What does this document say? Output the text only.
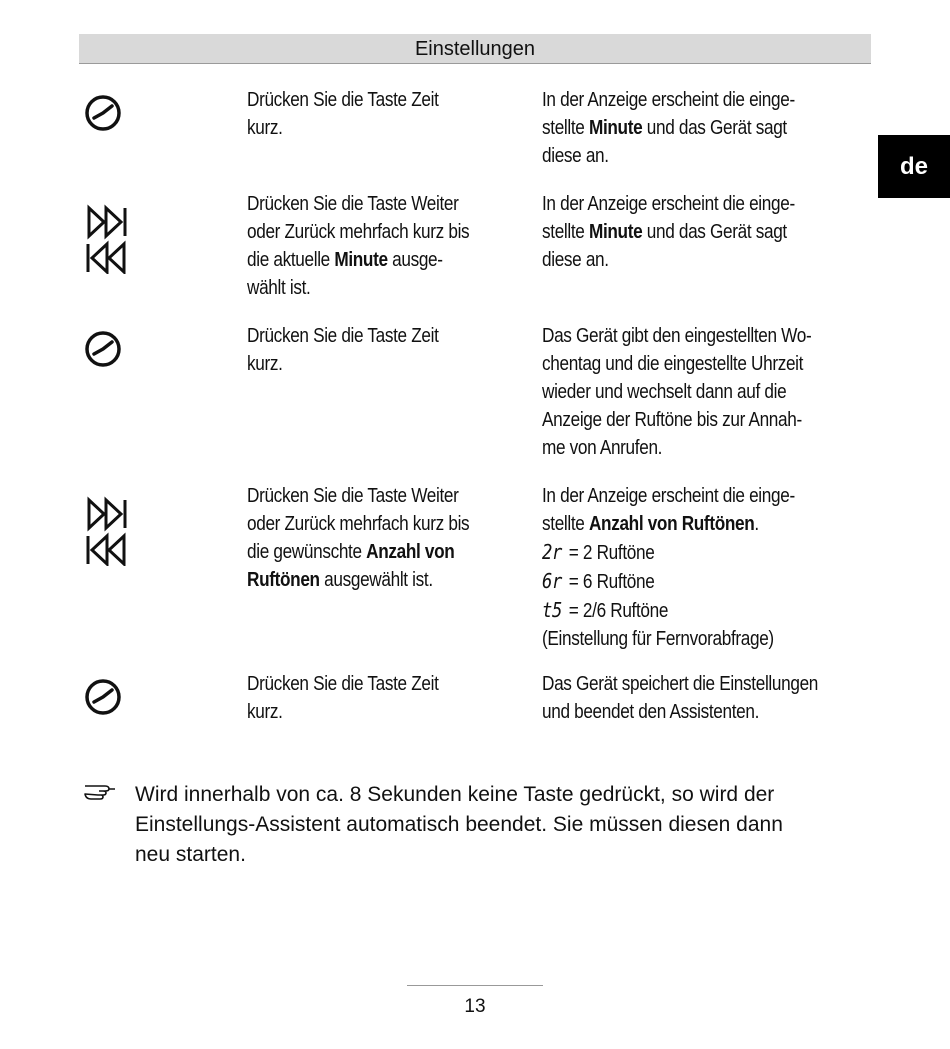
Einstellungen
de
Drücken Sie die Taste Zeit
kurz.
In der Anzeige erscheint die einge-
stellte Minute und das Gerät sagt
diese an.
Drücken Sie die Taste Weiter
oder Zurück mehrfach kurz bis
die aktuelle Minute ausge-
wählt ist.
In der Anzeige erscheint die einge-
stellte Minute und das Gerät sagt
diese an.
Drücken Sie die Taste Zeit
kurz.
Das Gerät gibt den eingestellten Wo-
chentag und die eingestellte Uhrzeit
wieder und wechselt dann auf die
Anzeige der Ruftöne bis zur Annah-
me von Anrufen.
Drücken Sie die Taste Weiter
oder Zurück mehrfach kurz bis
die gewünschte Anzahl von
Ruftönen ausgewählt ist.
In der Anzeige erscheint die einge-
stellte Anzahl von Ruftönen.
2r = 2 Ruftöne
6r = 6 Ruftöne
t5 = 2/6 Ruftöne
(Einstellung für Fernvorabfrage)
Drücken Sie die Taste Zeit
kurz.
Das Gerät speichert die Einstellungen
und beendet den Assistenten.
Wird innerhalb von ca. 8 Sekunden keine Taste gedrückt, so wird der
Einstellungs-Assistent automatisch beendet. Sie müssen diesen dann
neu starten.
13
